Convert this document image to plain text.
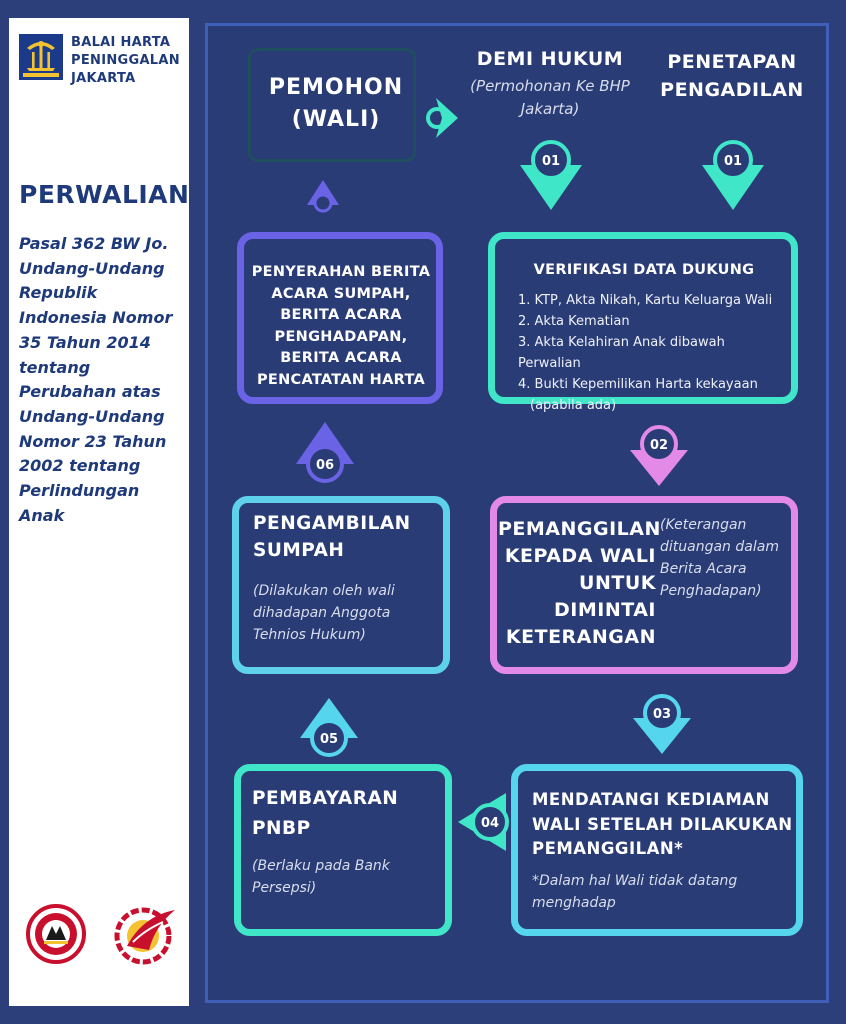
BALAI HARTA
PENINGGALAN
JAKARTA
PERWALIAN
Pasal 362 BW Jo. Undang-Undang Republik Indonesia Nomor 35 Tahun 2014 tentang Perubahan atas Undang-Undang Nomor 23 Tahun 2002 tentang Perlindungan Anak
01	01
02
03
04
05
06
PEMOHON (WALI)
DEMI HUKUM
(Permohonan Ke BHP Jakarta)
PENETAPAN PENGADILAN
VERIFIKASI DATA DUKUNG
1. KTP, Akta Nikah, Kartu Keluarga Wali
2. Akta Kematian
3. Akta Kelahiran Anak dibawah Perwalian
4. Bukti Kepemilikan Harta kekayaan
(apabila ada)
PENYERAHAN BERITA ACARA SUMPAH, BERITA ACARA PENGHADAPAN, BERITA ACARA PENCATATAN HARTA
PEMANGGILAN KEPADA WALI UNTUK DIMINTAI KETERANGAN
(Keterangan dituangan dalam Berita Acara Penghadapan)
PENGAMBILAN SUMPAH
(Dilakukan oleh wali dihadapan Anggota Tehnios Hukum)
MENDATANGI KEDIAMAN WALI SETELAH DILAKUKAN PEMANGGILAN*
*Dalam hal Wali tidak datang menghadap
PEMBAYARAN PNBP
(Berlaku pada Bank Persepsi)
